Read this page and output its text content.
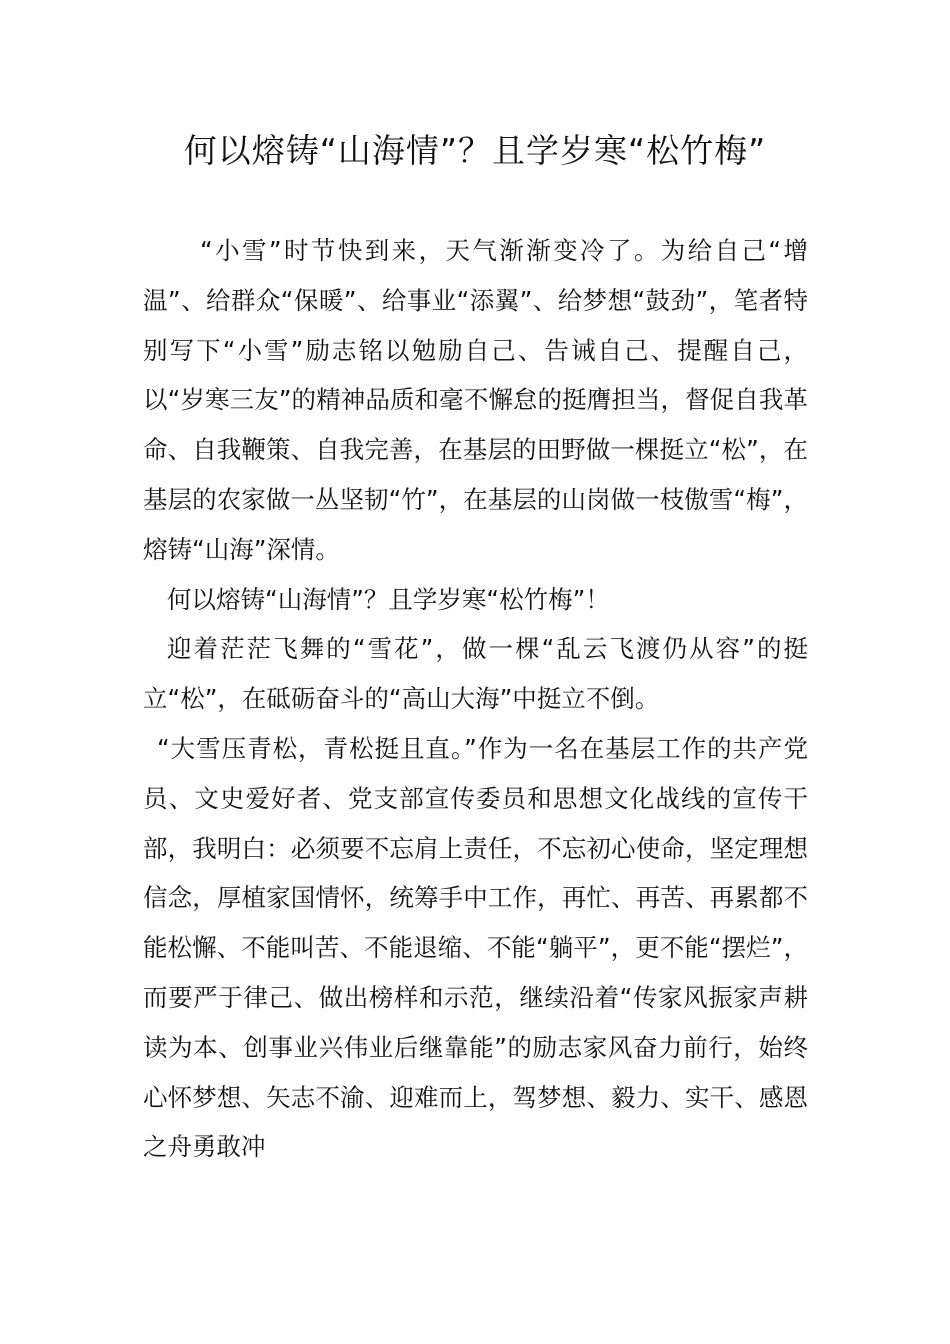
何以熔铸“山海情”？且学岁寒“松竹梅”

“小雪”时节快到来，天气渐渐变冷了。为给自己“增温”、给群众“保暖”、给事业“添翼”、给梦想“鼓劲”，笔者特别写下“小雪”励志铭以勉励自己、告诫自己、提醒自己，以“岁寒三友”的精神品质和毫不懈怠的挺膺担当，督促自我革命、自我鞭策、自我完善，在基层的田野做一棵挺立“松”，在基层的农家做一丛坚韧“竹”，在基层的山岗做一枝傲雪“梅”，熔铸“山海”深情。

何以熔铸“山海情”？且学岁寒“松竹梅”！

迎着茫茫飞舞的“雪花”，做一棵“乱云飞渡仍从容”的挺立“松”，在砥砺奋斗的“高山大海”中挺立不倒。

“大雪压青松，青松挺且直。”作为一名在基层工作的共产党员、文史爱好者、党支部宣传委员和思想文化战线的宣传干部，我明白：必须要不忘肩上责任，不忘初心使命，坚定理想信念，厚植家国情怀，统筹手中工作，再忙、再苦、再累都不能松懈、不能叫苦、不能退缩、不能“躺平”，更不能“摆烂”，而要严于律己、做出榜样和示范，继续沿着“传家风振家声耕读为本、创事业兴伟业后继靠能”的励志家风奋力前行，始终心怀梦想、矢志不渝、迎难而上，驾梦想、毅力、实干、感恩之舟勇敢冲
